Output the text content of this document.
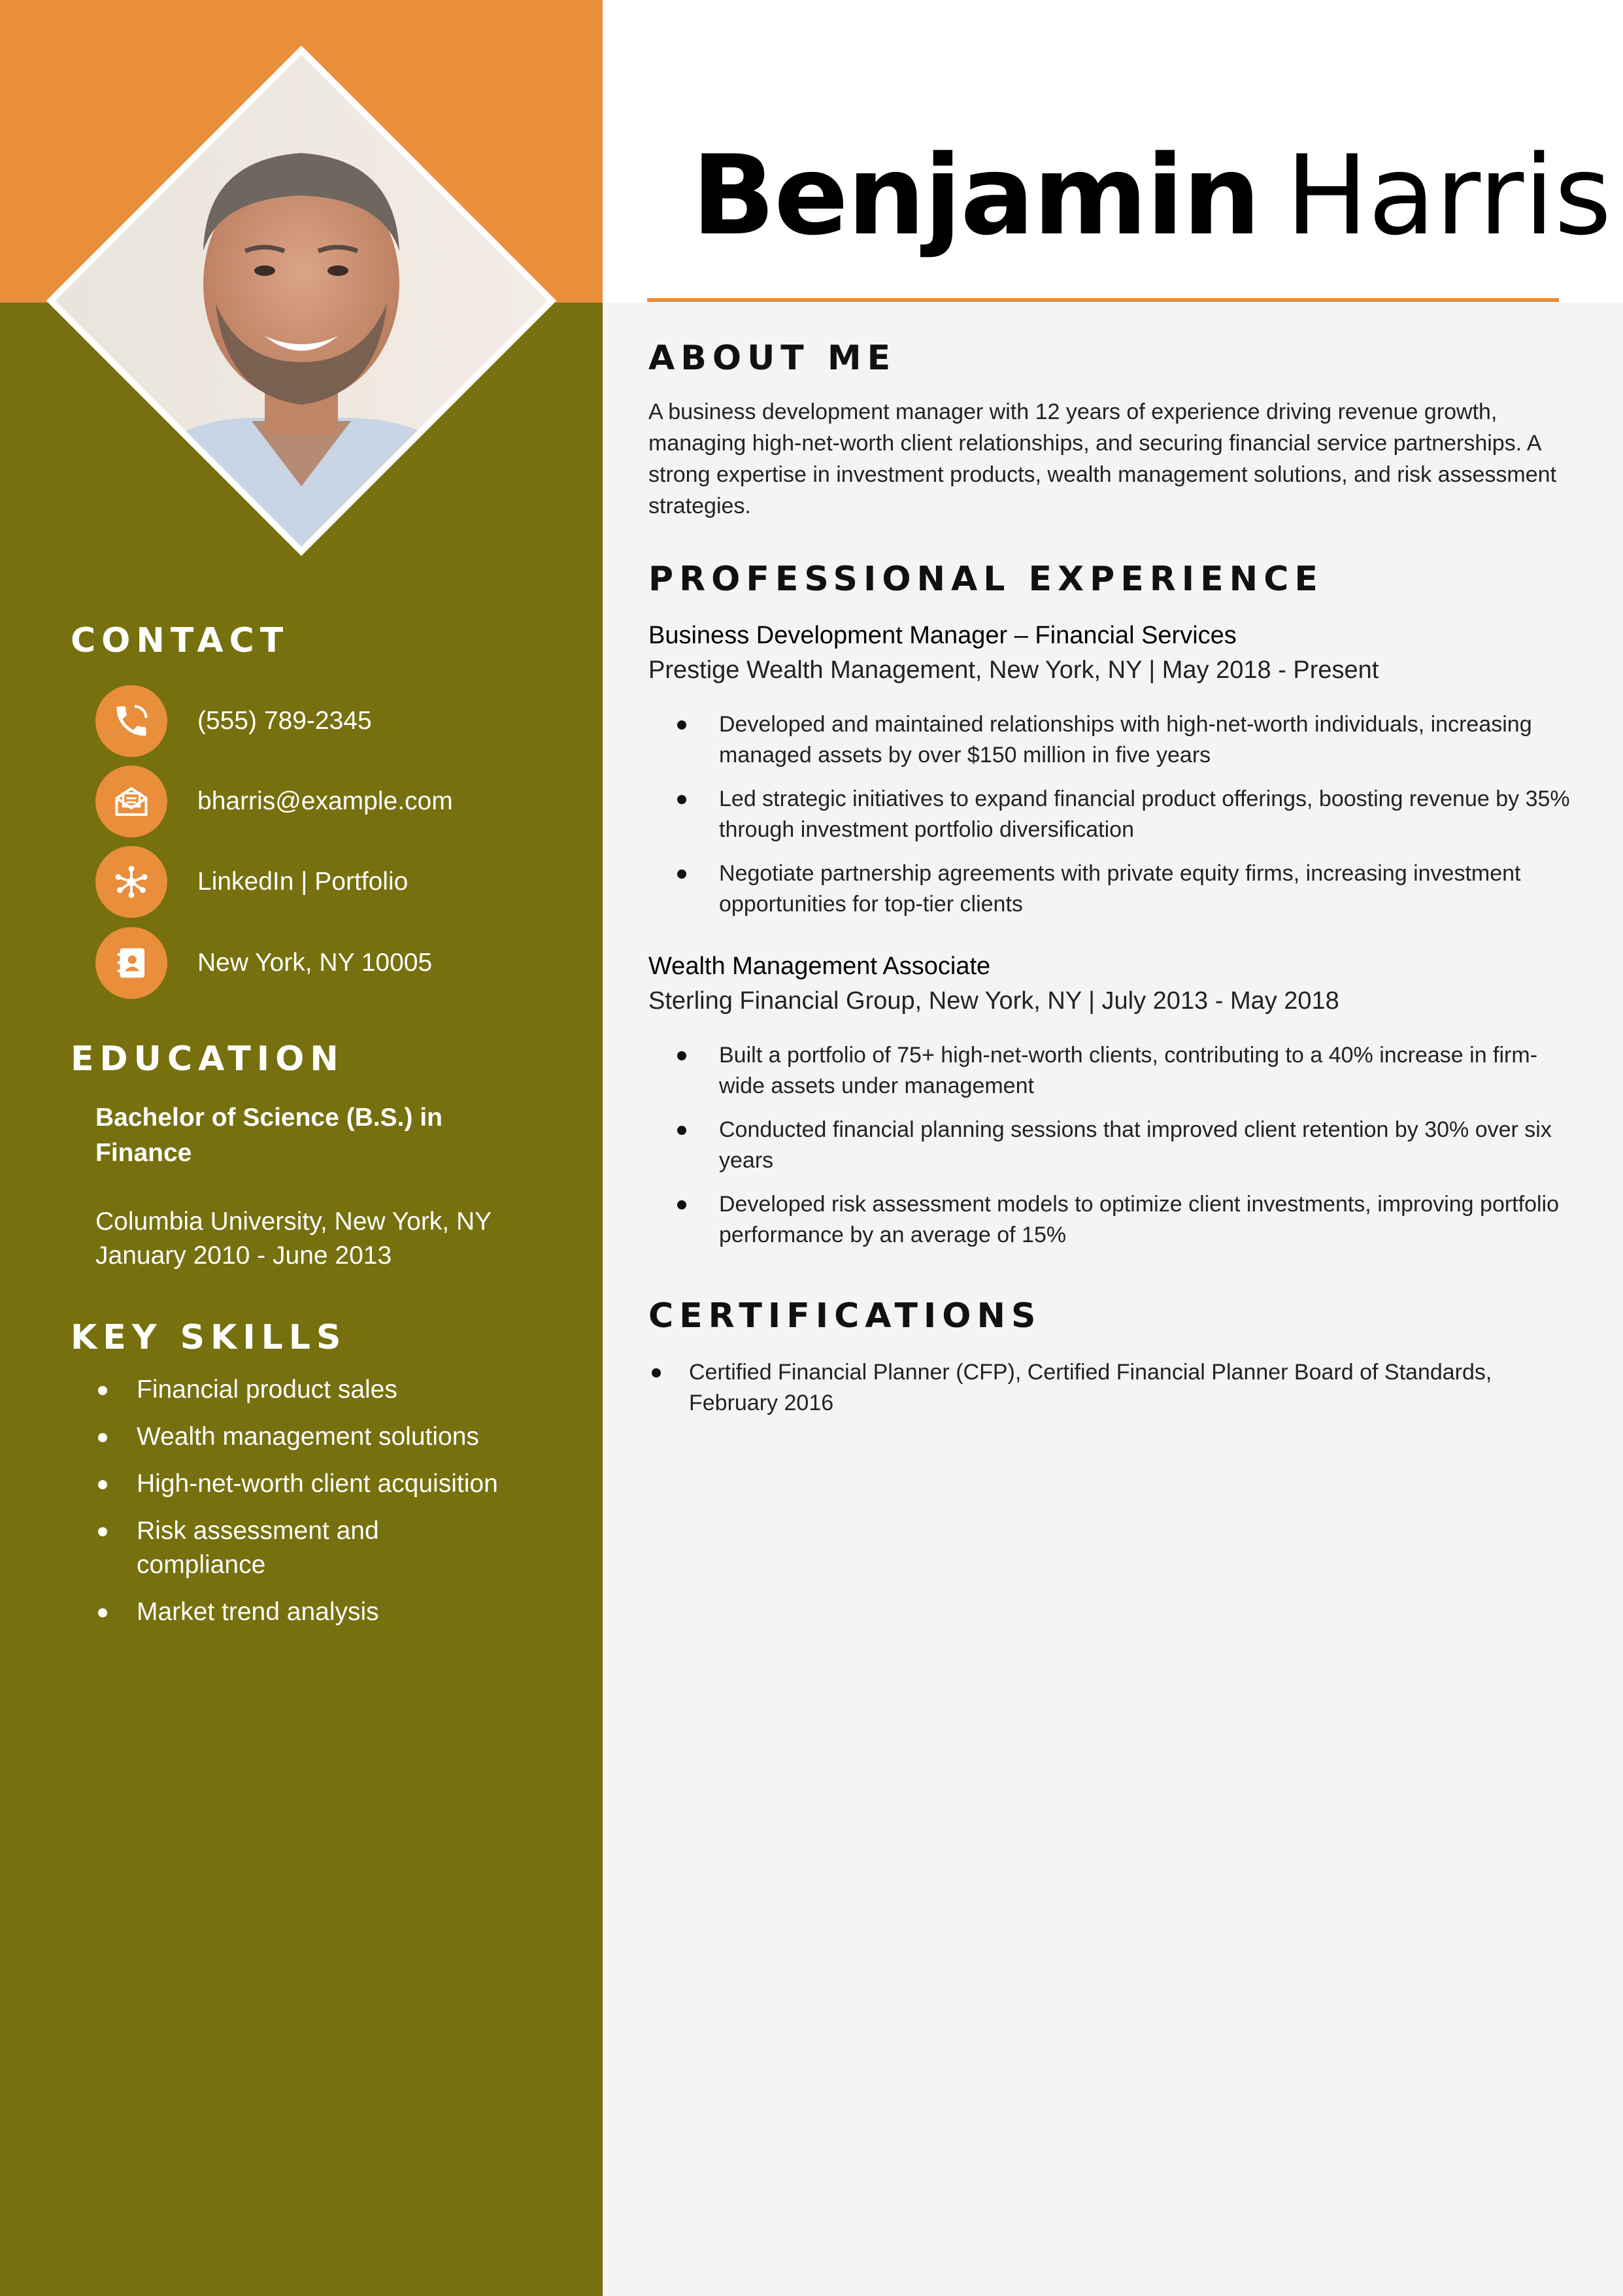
CONTACT
(555) 789-2345
bharris@example.com
LinkedIn | Portfolio
New York, NY 10005
EDUCATION

Bachelor of Science (B.S.) in Finance

Columbia University, New York, NY

January 2010 - June 2013

KEY SKILLS
Financial product sales
Wealth management solutions
High-net-worth client acquisition
Risk assessment and compliance
Market trend analysis
Benjamin Harris
ABOUT ME

A business development manager with 12 years of experience driving revenue growth, managing high-net-worth client relationships, and securing financial service partnerships. A strong expertise in investment products, wealth management solutions, and risk assessment strategies.

PROFESSIONAL EXPERIENCE

Business Development Manager – Financial Services

Prestige Wealth Management, New York, NY | May 2018 - Present

Developed and maintained relationships with high-net-worth individuals, increasing managed assets by over $150 million in five years
Led strategic initiatives to expand financial product offerings, boosting revenue by 35% through investment portfolio diversification
Negotiate partnership agreements with private equity firms, increasing investment opportunities for top-tier clients

Wealth Management Associate

Sterling Financial Group, New York, NY | July 2013 - May 2018

Built a portfolio of 75+ high-net-worth clients, contributing to a 40% increase in firm-wide assets under management
Conducted financial planning sessions that improved client retention by 30% over six years
Developed risk assessment models to optimize client investments, improving portfolio performance by an average of 15%
CERTIFICATIONS
Certified Financial Planner (CFP), Certified Financial Planner Board of Standards, February 2016
